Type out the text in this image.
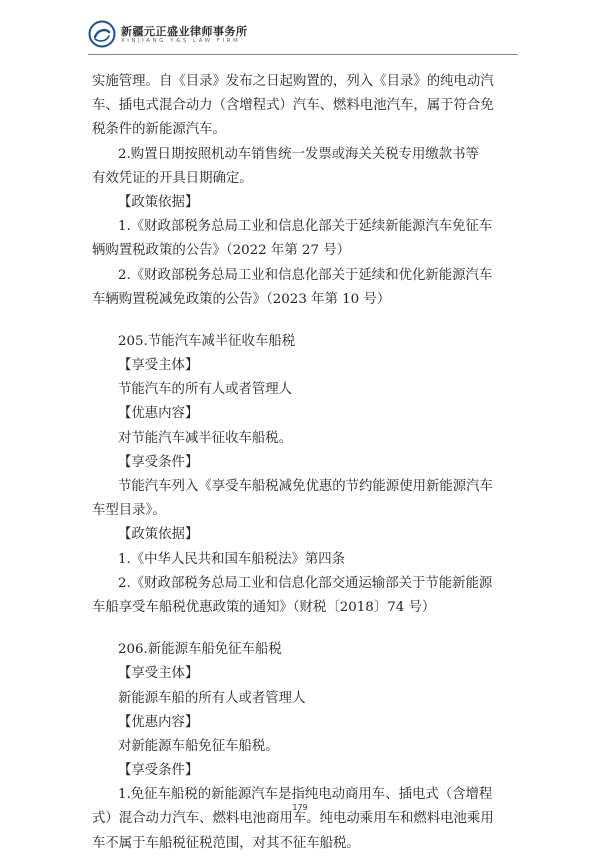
新疆元正盛业律师事务所
XINJIANG Y&S LAW FIRM
实施管理。自《目录》发布之日起购置的，列入《目录》的纯电动汽
车、插电式混合动力（含增程式）汽车、燃料电池汽车，属于符合免
税条件的新能源汽车。
2.购置日期按照机动车销售统一发票或海关关税专用缴款书等
有效凭证的开具日期确定。
【政策依据】
1.《财政部税务总局工业和信息化部关于延续新能源汽车免征车
辆购置税政策的公告》（2022 年第 27 号）
2.《财政部税务总局工业和信息化部关于延续和优化新能源汽车
车辆购置税减免政策的公告》（2023 年第 10 号）
205.节能汽车减半征收车船税
【享受主体】
节能汽车的所有人或者管理人
【优惠内容】
对节能汽车减半征收车船税。
【享受条件】
节能汽车列入《享受车船税减免优惠的节约能源使用新能源汽车
车型目录》。
【政策依据】
1.《中华人民共和国车船税法》第四条
2.《财政部税务总局工业和信息化部交通运输部关于节能新能源
车船享受车船税优惠政策的通知》（财税〔2018〕74 号）
206.新能源车船免征车船税
【享受主体】
新能源车船的所有人或者管理人
【优惠内容】
对新能源车船免征车船税。
【享受条件】
1.免征车船税的新能源汽车是指纯电动商用车、插电式（含增程
式）混合动力汽车、燃料电池商用车。纯电动乘用车和燃料电池乘用
车不属于车船税征税范围，对其不征车船税。
179
